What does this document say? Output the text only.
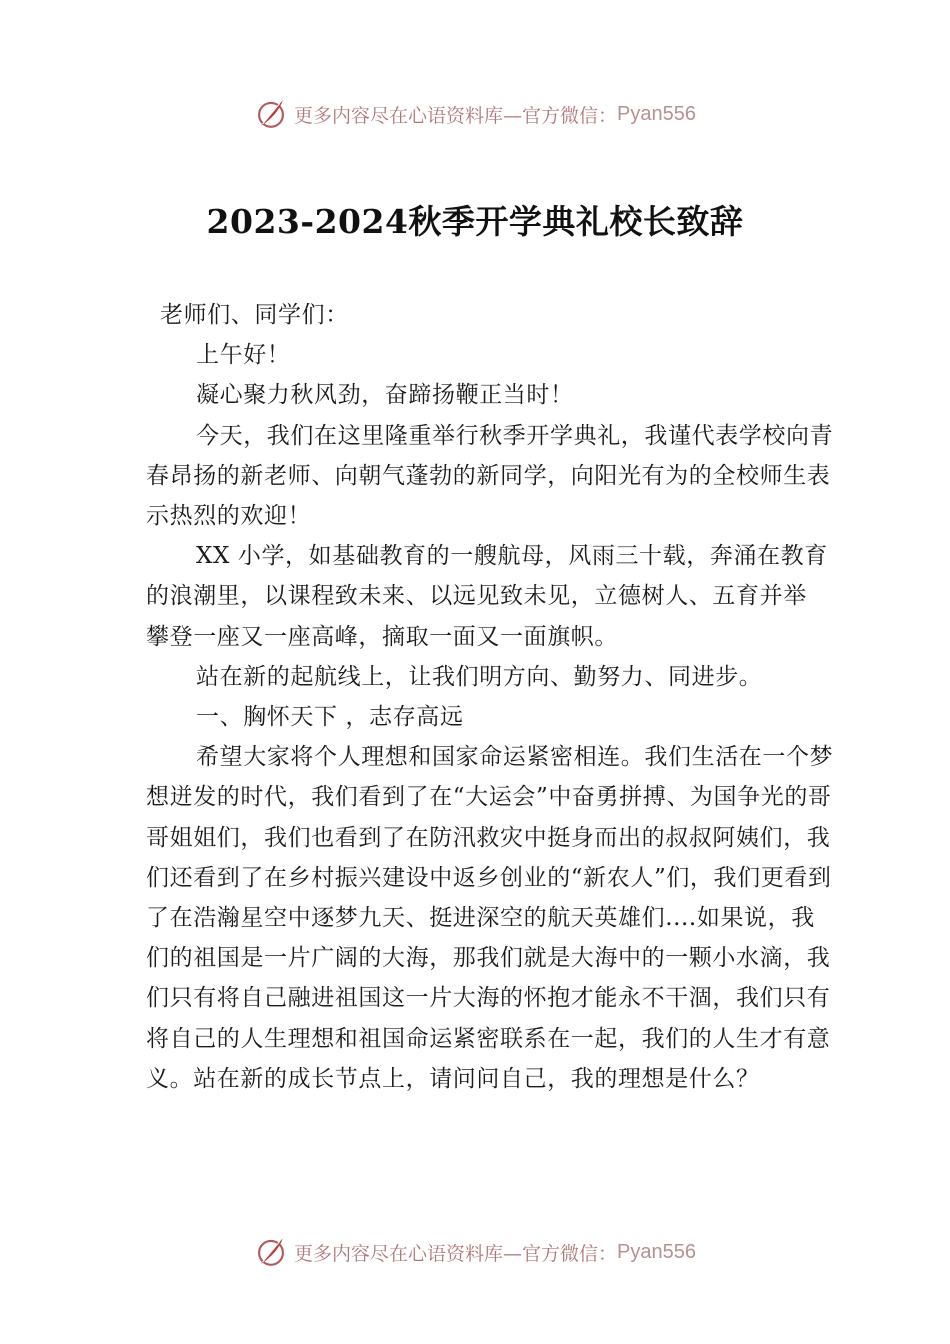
更多内容尽在心语资料库—官方微信： Pyan556
2023-2024秋季开学典礼校长致辞

老师们、同学们：

上午好！

凝心聚力秋风劲，奋蹄扬鞭正当时！

今天，我们在这里隆重举行秋季开学典礼，我谨代表学校向青春昂扬的新老师、向朝气蓬勃的新同学，向阳光有为的全校师生表示热烈的欢迎！

XX 小学，如基础教育的一艘航母，风雨三十载，奔涌在教育的浪潮里，以课程致未来、以远见致未见，立德树人、五育并举 攀登一座又一座高峰，摘取一面又一面旗帜。

站在新的起航线上，让我们明方向、勤努力、同进步。

一、胸怀天下 ，志存高远

希望大家将个人理想和国家命运紧密相连。我们生活在一个梦想迸发的时代，我们看到了在“大运会”中奋勇拼搏、为国争光的哥哥姐姐们，我们也看到了在防汛救灾中挺身而出的叔叔阿姨们，我们还看到了在乡村振兴建设中返乡创业的“新农人”们，我们更看到了在浩瀚星空中逐梦九天、挺进深空的航天英雄们....如果说，我们的祖国是一片广阔的大海，那我们就是大海中的一颗小水滴，我们只有将自己融进祖国这一片大海的怀抱才能永不干涸，我们只有将自己的人生理想和祖国命运紧密联系在一起，我们的人生才有意义。站在新的成长节点上，请问问自己，我的理想是什么？

更多内容尽在心语资料库—官方微信： Pyan556
